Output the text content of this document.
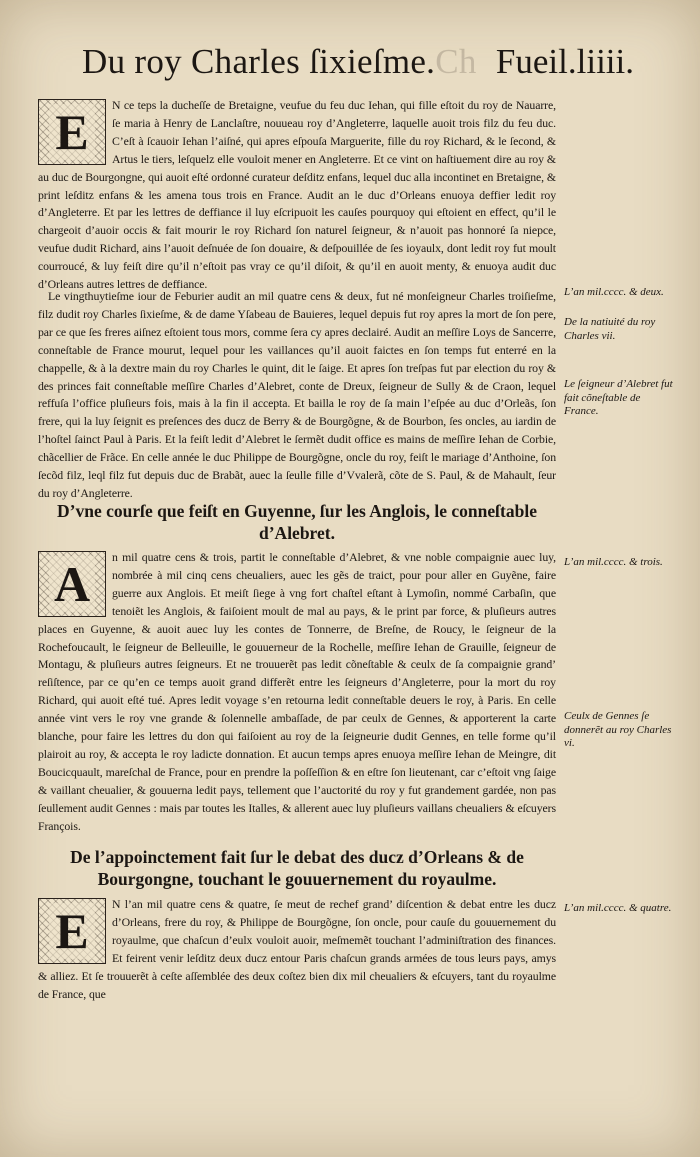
Du roy Charles ſixieſme.Ch Fueil.liiii.

E	N ce teps la ducheſſe de Bretaigne, veufue du feu duc Iehan, qui fille eſtoit du roy de Nauarre, ſe maria à Henry de Lanclaſtre, nouueau roy d’Angleterre, laquelle auoit trois filz du feu duc. C’eſt à ſcauoir Iehan l’aiſné, qui apres eſpouſa Marguerite, fille du roy Richard, & le ſecond, & Artus le tiers, leſquelz elle vouloit mener en Angleterre. Et ce vint on haſtiuement dire au roy & au duc de Bourgongne, qui auoit eſté ordonné curateur deſditz enfans, lequel duc alla incontinet en Bretaigne, & print leſditz enfans & les amena tous trois en France. Audit an le duc d’Orleans enuoya deffier ledit roy d’Angleterre. Et par les lettres de deffiance il luy eſcripuoit les cauſes pourquoy qui eſtoient en effect, qu’il le chargeoit d’auoir occis & fait mourir le roy Richard ſon naturel ſeigneur, & n’auoit pas honnoré ſa niepce, veufue dudit Richard, ains l’auoit deſnuée de ſon douaire, & deſpouillée de ſes ioyaulx, dont ledit roy fut moult courroucé, & luy feiſt dire qu’il n’eſtoit pas vray ce qu’il diſoit, & qu’il en auoit menty, & enuoya audit duc d’Orleans autres lettres de deffiance.

Le vingthuytieſme iour de Feburier audit an mil quatre cens & deux, fut né monſeigneur Charles troiſieſme, filz dudit roy Charles ſixieſme, & de dame Yſabeau de Bauieres, lequel depuis fut roy apres la mort de ſon pere, par ce que ſes freres aiſnez eſtoient tous mors, comme ſera cy apres declairé. Audit an meſſire Loys de Sancerre, conneſtable de France mourut, lequel pour les vaillances qu’il auoit faictes en ſon temps fut enterré en la chappelle, & à la dextre main du roy Charles le quint, dit le ſaige. Et apres ſon treſpas fut par election du roy & des princes fait conneſtable meſſire Charles d’Alebret, conte de Dreux, ſeigneur de Sully & de Craon, lequel reffuſa l’office pluſieurs fois, mais à la fin il accepta. Et bailla le roy de ſa main l’eſpée au duc d’Orleãs, ſon frere, qui la luy ſeignit es preſences des ducz de Berry & de Bourgõgne, & de Bourbon, ſes oncles, au iardin de l’hoſtel ſainct Paul à Paris. Et la feiſt ledit d’Alebret le ſermẽt dudit office es mains de meſſire Iehan de Corbie, chãcellier de Frãce. En celle année le duc Philippe de Bourgõgne, oncle du roy, feiſt le mariage d’Anthoine, ſon ſecõd filz, leql filz fut depuis duc de Brabãt, auec la ſeulle fille d’Vvalerã, cõte de S. Paul, & de Mahault, ſeur du roy d’Angleterre.

D’vne courſe que feiſt en Guyenne, ſur les Anglois, le conneſtable d’Alebret.

A	n mil quatre cens & trois, partit le conneſtable d’Alebret, & vne noble compaignie auec luy, nombrée à mil cinq cens cheualiers, auec les gẽs de traict, pour pour aller en Guyẽne, faire guerre aux Anglois. Et meiſt ſiege à vng fort chaſtel eſtant à Lymoſin, nommé Carbaſin, que tenoiẽt les Anglois, & faiſoient moult de mal au pays, & le print par force, & pluſieurs autres places en Guyenne, & auoit auec luy les contes de Tonnerre, de Breſne, de Roucy, le ſeigneur de la Rochefoucault, le ſeigneur de Belleuille, le gouuerneur de la Rochelle, meſſire Iehan de Grauille, ſeigneur de Montagu, & pluſieurs autres ſeigneurs. Et ne trouuerẽt pas ledit cõneſtable & ceulx de ſa compaignie grand’ reſiſtence, par ce qu’en ce temps auoit grand differẽt entre les ſeigneurs d’Angleterre, pour la mort du roy Richard, qui auoit eſté tué. Apres ledit voyage s’en retourna ledit conneſtable deuers le roy, à Paris. En celle année vint vers le roy vne grande & ſolennelle ambaſſade, de par ceulx de Gennes, & apporterent la carte blanche, pour faire les lettres du don qui faiſoient au roy de la ſeigneurie dudit Gennes, en telle forme qu’il plairoit au roy, & accepta le roy ladicte donnation. Et aucun temps apres enuoya meſſire Iehan de Meingre, dit Boucicquault, mareſchal de France, pour en prendre la poſſeſſion & en eſtre ſon lieutenant, car c’eſtoit vng ſaige & vaillant cheualier, & gouuerna ledit pays, tellement que l’auctorité du roy y fut grandement gardée, non pas ſeullement audit Gennes : mais par toutes les Italles, & allerent auec luy pluſieurs vaillans cheualiers & eſcuyers François.

De l’appoinctement fait ſur le debat des ducz d’Orleans & de Bourgongne, touchant le gouuernement du royaulme.

E	N l’an mil quatre cens & quatre, ſe meut de rechef grand’ diſcention & debat entre les ducz d’Orleans, frere du roy, & Philippe de Bourgõgne, ſon oncle, pour cauſe du gouuernement du royaulme, que chaſcun d’eulx vouloit auoir, meſmemẽt touchant l’adminiſtration des finances. Et feirent venir leſditz deux ducz entour Paris chaſcun grands armées de tous leurs pays, amys & alliez. Et ſe trouuerẽt à ceſte aſſemblée des deux coſtez bien dix mil cheualiers & eſcuyers, tant du royaulme de France, que

L’an mil.cccc. & deux.

De la natiuité du roy Charles vii.

Le ſeigneur d’Alebret fut fait cõneſtable de France.

L’an mil.cccc. & trois.

Ceulx de Gennes ſe donnerẽt au roy Charles vi.

L’an mil.cccc. & quatre.
